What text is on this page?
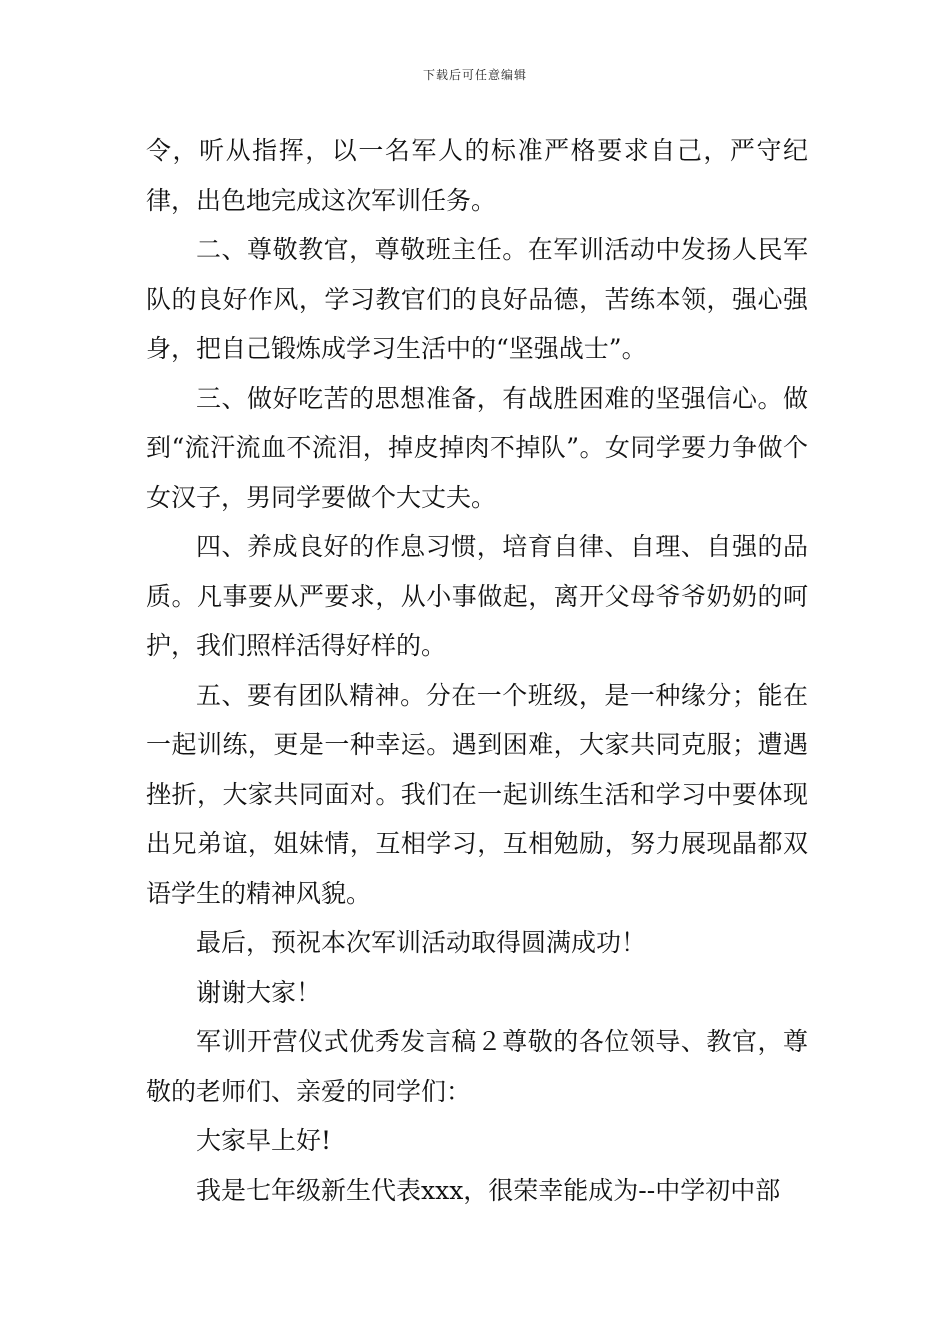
下载后可任意编辑

令，听从指挥，以一名军人的标准严格要求自己，严守纪律，出色地完成这次军训任务。

二、尊敬教官，尊敬班主任。在军训活动中发扬人民军队的良好作风，学习教官们的良好品德，苦练本领，强心强身，把自己锻炼成学习生活中的“坚强战士”。

三、做好吃苦的思想准备，有战胜困难的坚强信心。做到“流汗流血不流泪，掉皮掉肉不掉队”。女同学要力争做个女汉子，男同学要做个大丈夫。

四、养成良好的作息习惯，培育自律、自理、自强的品质。凡事要从严要求，从小事做起，离开父母爷爷奶奶的呵护，我们照样活得好样的。

五、要有团队精神。分在一个班级，是一种缘分；能在一起训练，更是一种幸运。遇到困难，大家共同克服；遭遇挫折，大家共同面对。我们在一起训练生活和学习中要体现出兄弟谊，姐妹情，互相学习，互相勉励，努力展现晶都双语学生的精神风貌。

最后，预祝本次军训活动取得圆满成功！

谢谢大家！

军训开营仪式优秀发言稿２尊敬的各位领导、教官，尊敬的老师们、亲爱的同学们：

大家早上好!

我是七年级新生代表xxx，很荣幸能成为--中学初中部
